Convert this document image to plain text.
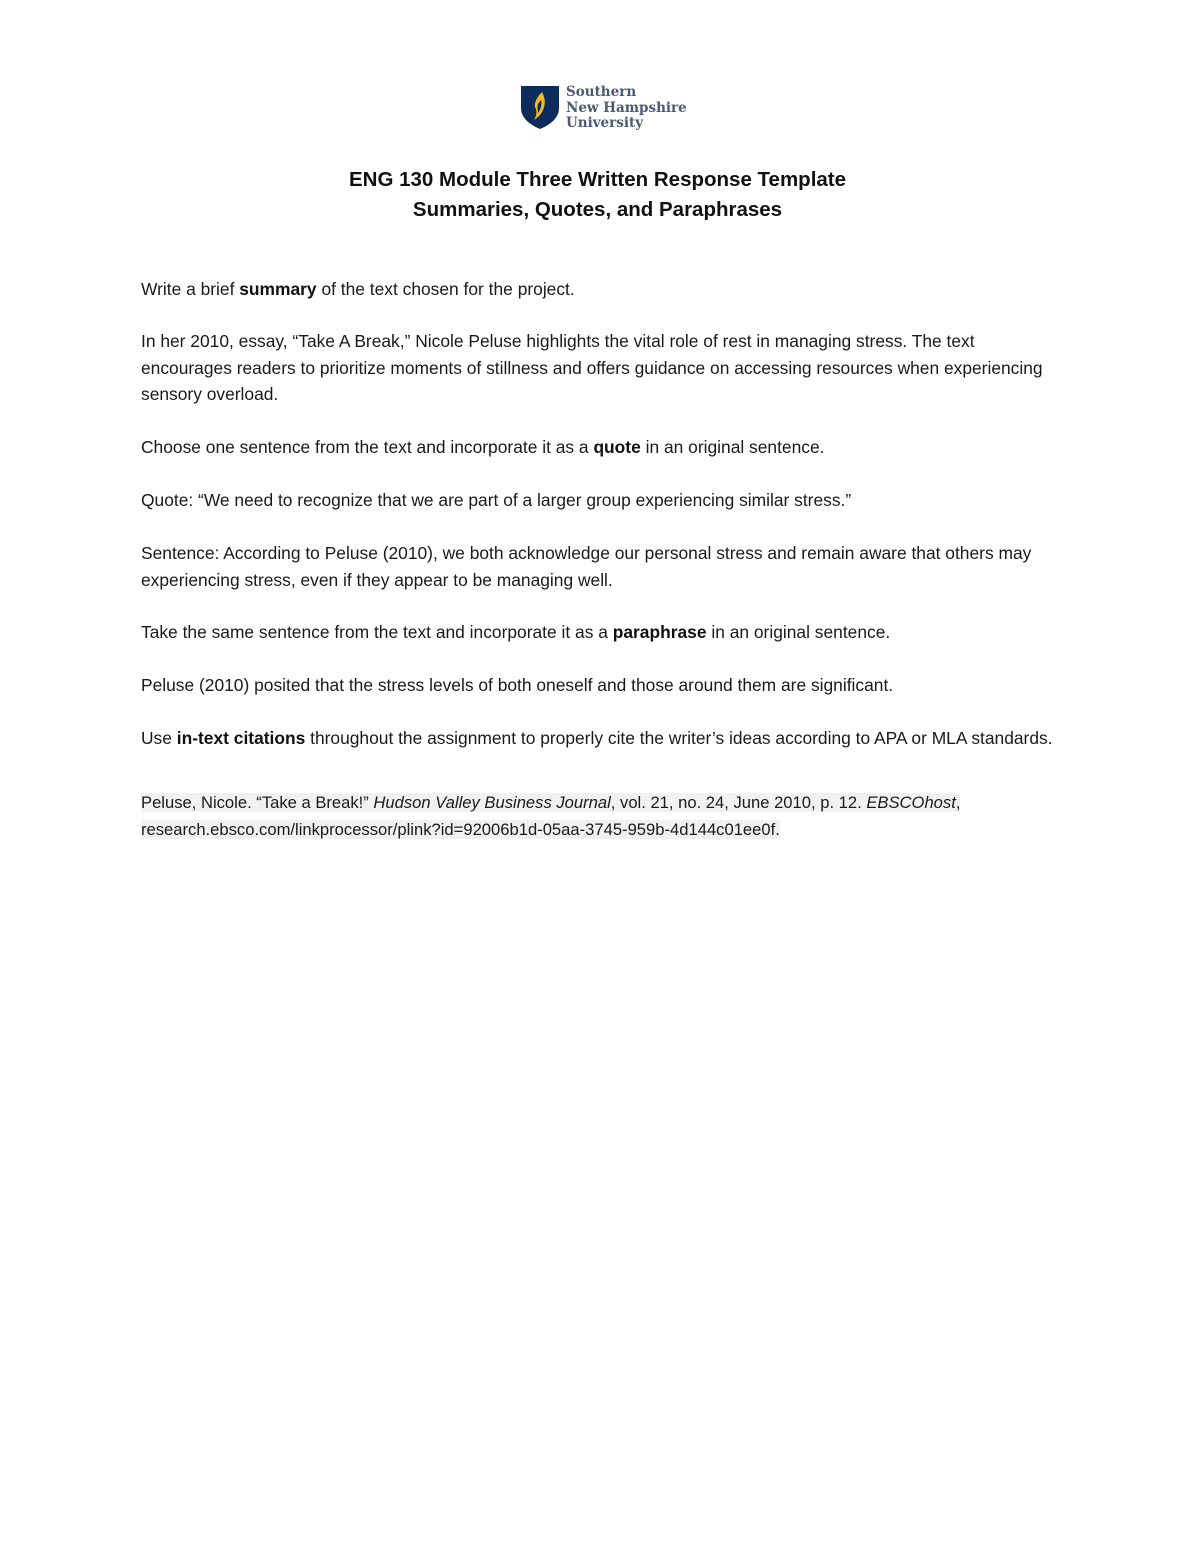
Southern
New Hampshire
University
ENG 130 Module Three Written Response Template
Summaries, Quotes, and Paraphrases

Write a brief summary of the text chosen for the project.

In her 2010, essay, “Take A Break,” Nicole Peluse highlights the vital role of rest in managing stress. The text encourages readers to prioritize moments of stillness and offers guidance on accessing resources when experiencing sensory overload.

Choose one sentence from the text and incorporate it as a quote in an original sentence.

Quote: “We need to recognize that we are part of a larger group experiencing similar stress.”

Sentence: According to Peluse (2010), we both acknowledge our personal stress and remain aware that others may experiencing stress, even if they appear to be managing well.

Take the same sentence from the text and incorporate it as a paraphrase in an original sentence.

Peluse (2010) posited that the stress levels of both oneself and those around them are significant.

Use in-text citations throughout the assignment to properly cite the writer’s ideas according to APA or MLA standards.

Peluse, Nicole. “Take a Break!” Hudson Valley Business Journal, vol. 21, no. 24, June 2010, p. 12. EBSCOhost,
research.ebsco.com/linkprocessor/plink?id=92006b1d-05aa-3745-959b-4d144c01ee0f.
